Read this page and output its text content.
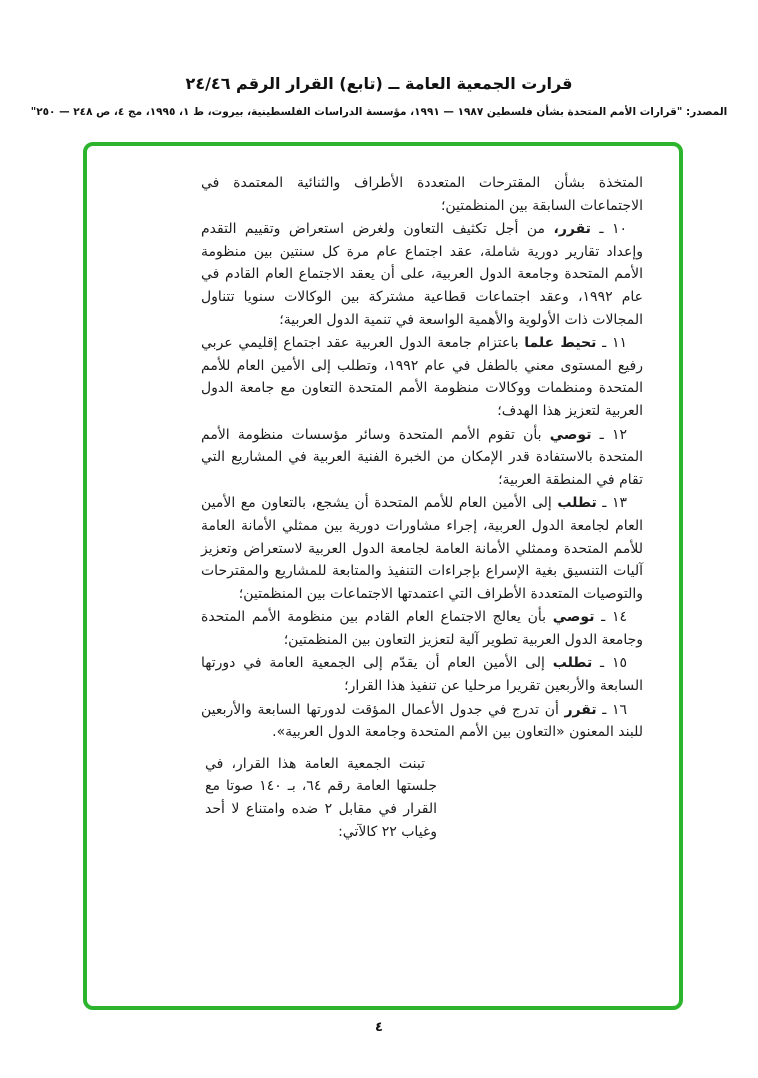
قرارت الجمعية العامة ــ (تابع) القرار الرقم ٢٤/٤٦
المصدر: "قرارات الأمم المتحدة بشأن فلسطين ١٩٨٧ — ١٩٩١، مؤسسة الدراسات الفلسطينية، بيروت، ط ١، ١٩٩٥، مج ٤، ص ٢٤٨ — ٢٥٠"

المتخذة بشأن المقترحات المتعددة الأطراف والثنائية المعتمدة في الاجتماعات السابقة بين المنظمتين؛

١٠ ـ تقرر، من أجل تكثيف التعاون ولغرض استعراض وتقييم التقدم وإعداد تقارير دورية شاملة، عقد اجتماع عام مرة كل سنتين بين منظومة الأمم المتحدة وجامعة الدول العربية، على أن يعقد الاجتماع العام القادم في عام ١٩٩٢، وعقد اجتماعات قطاعية مشتركة بين الوكالات سنويا تتناول المجالات ذات الأولوية والأهمية الواسعة في تنمية الدول العربية؛

١١ ـ تحيط علما باعتزام جامعة الدول العربية عقد اجتماع إقليمي عربي رفيع المستوى معني بالطفل في عام ١٩٩٢، وتطلب إلى الأمين العام للأمم المتحدة ومنظمات ووكالات منظومة الأمم المتحدة التعاون مع جامعة الدول العربية لتعزيز هذا الهدف؛

١٢ ـ توصي بأن تقوم الأمم المتحدة وسائر مؤسسات منظومة الأمم المتحدة بالاستفادة قدر الإمكان من الخبرة الفنية العربية في المشاريع التي تقام في المنطقة العربية؛

١٣ ـ تطلب إلى الأمين العام للأمم المتحدة أن يشجع، بالتعاون مع الأمين العام لجامعة الدول العربية، إجراء مشاورات دورية بين ممثلي الأمانة العامة للأمم المتحدة وممثلي الأمانة العامة لجامعة الدول العربية لاستعراض وتعزيز آليات التنسيق بغية الإسراع بإجراءات التنفيذ والمتابعة للمشاريع والمقترحات والتوصيات المتعددة الأطراف التي اعتمدتها الاجتماعات بين المنظمتين؛

١٤ ـ توصي بأن يعالج الاجتماع العام القادم بين منظومة الأمم المتحدة وجامعة الدول العربية تطوير آلية لتعزيز التعاون بين المنظمتين؛

١٥ ـ تطلب إلى الأمين العام أن يقدّم إلى الجمعية العامة في دورتها السابعة والأربعين تقريرا مرحليا عن تنفيذ هذا القرار؛

١٦ ـ تقرر أن تدرج في جدول الأعمال المؤقت لدورتها السابعة والأربعين للبند المعنون «التعاون بين الأمم المتحدة وجامعة الدول العربية».

تبنت الجمعية العامة هذا القرار، في جلستها العامة رقم ٦٤، بـ ١٤٠ صوتا مع القرار في مقابل ٢ ضده وامتناع لا أحد وغياب ٢٢ كالآتي:

٤
